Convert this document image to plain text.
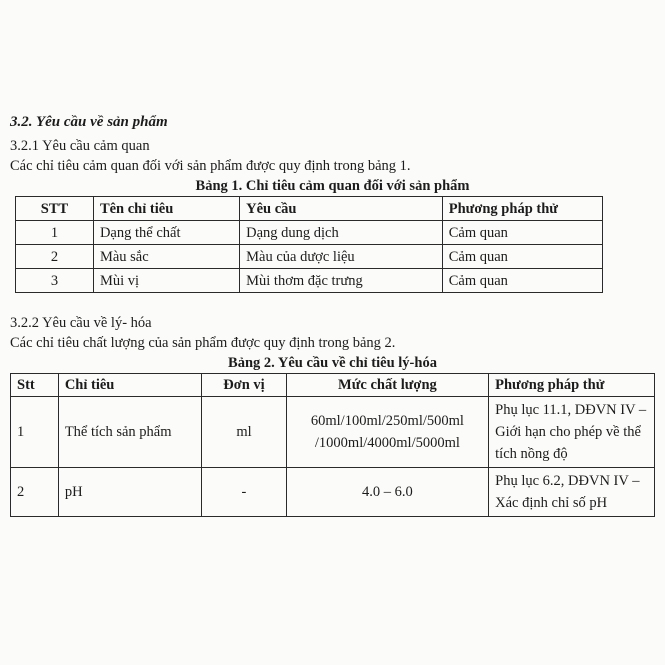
3.2. Yêu cầu về sản phẩm

3.2.1 Yêu cầu cảm quan

Các chỉ tiêu cảm quan đối với sản phẩm được quy định trong bảng 1.

Bảng 1. Chỉ tiêu cảm quan đối với sản phẩm

STT	Tên chỉ tiêu	Yêu cầu	Phương pháp thử
1	Dạng thể chất	Dạng dung dịch	Cảm quan
2	Màu sắc	Màu của dược liệu	Cảm quan
3	Mùi vị	Mùi thơm đặc trưng	Cảm quan

3.2.2 Yêu cầu về lý- hóa

Các chỉ tiêu chất lượng của sản phẩm được quy định trong bảng 2.

Bảng 2. Yêu cầu về chỉ tiêu lý-hóa

Stt	Chỉ tiêu	Đơn vị	Mức chất lượng	Phương pháp thử
1	Thể tích sản phẩm	ml	60ml/100ml/250ml/500ml /1000ml/4000ml/5000ml	Phụ lục 11.1, DĐVN IV – Giới hạn cho phép về thể tích nồng độ
2	pH	-	4.0 – 6.0	Phụ lục 6.2, DĐVN IV – Xác định chỉ số pH
